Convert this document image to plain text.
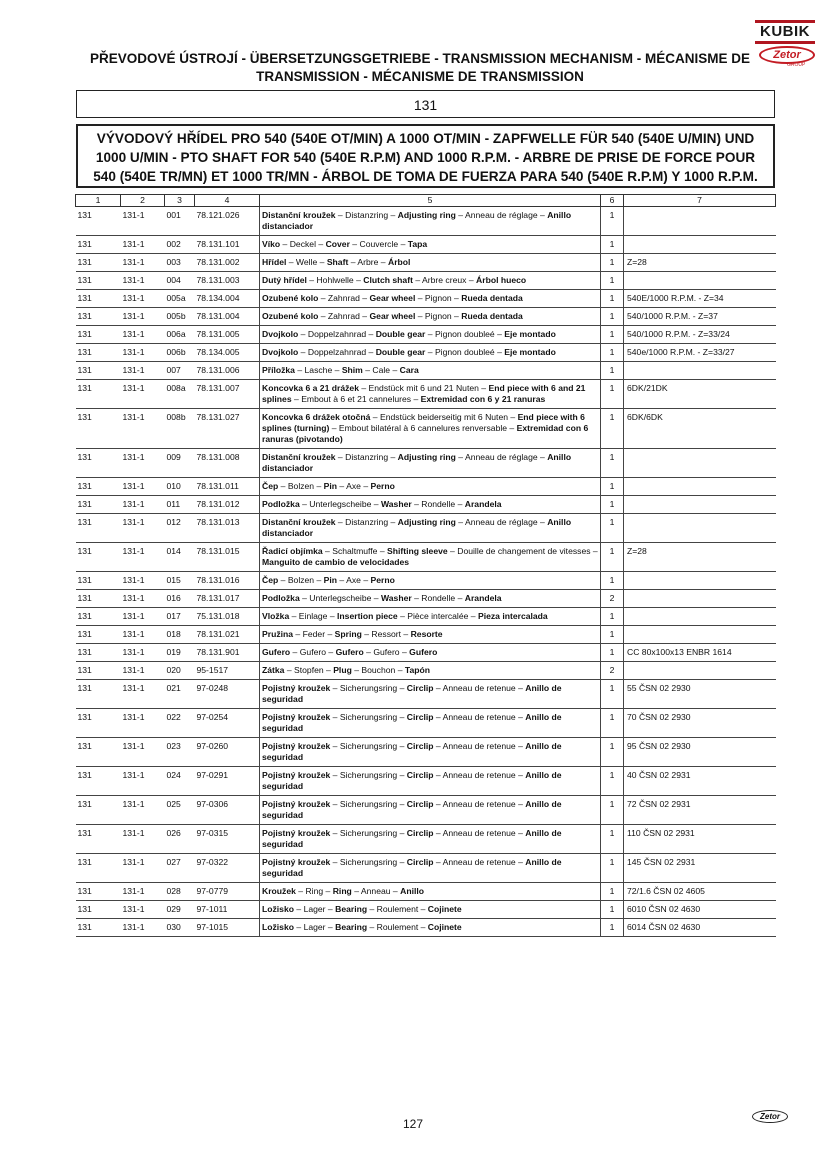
KUBIK
Zetor
GROUP
PŘEVODOVÉ ÚSTROJÍ - ÜBERSETZUNGSGETRIEBE - TRANSMISSION MECHANISM - MÉCANISME DE
TRANSMISSION - MÉCANISME DE TRANSMISSION
131
VÝVODOVÝ HŘÍDEL PRO 540 (540E OT/MIN) A 1000 OT/MIN - ZAPFWELLE FÜR 540 (540E U/MIN) UND 1000 U/MIN - PTO SHAFT FOR 540 (540E R.P.M) AND 1000 R.P.M. - ARBRE DE PRISE DE FORCE POUR 540 (540E TR/MN) ET 1000 TR/MN - ÁRBOL DE TOMA DE FUERZA PARA 540 (540E R.P.M) Y 1000 R.P.M.
1	2	3	4	5	6	7
131	131-1	001	78.121.026	Distanční kroužek – Distanzring – Adjusting ring – Anneau de réglage – Anillo distanciador	1	
131	131-1	002	78.131.101	Víko – Deckel – Cover – Couvercle – Tapa	1	
131	131-1	003	78.131.002	Hřídel – Welle – Shaft – Arbre – Árbol	1	Z=28
131	131-1	004	78.131.003	Dutý hřídel – Hohlwelle – Clutch shaft – Arbre creux – Árbol hueco	1	
131	131-1	005a	78.134.004	Ozubené kolo – Zahnrad – Gear wheel – Pignon – Rueda dentada	1	540E/1000 R.P.M. - Z=34
131	131-1	005b	78.131.004	Ozubené kolo – Zahnrad – Gear wheel – Pignon – Rueda dentada	1	540/1000 R.P.M. - Z=37
131	131-1	006a	78.131.005	Dvojkolo – Doppelzahnrad – Double gear – Pignon doubleé – Eje montado	1	540/1000 R.P.M. - Z=33/24
131	131-1	006b	78.134.005	Dvojkolo – Doppelzahnrad – Double gear – Pignon doubleé – Eje montado	1	540e/1000 R.P.M. - Z=33/27
131	131-1	007	78.131.006	Příložka – Lasche – Shim – Cale – Cara	1	
131	131-1	008a	78.131.007	Koncovka 6 a 21 drážek – Endstück mit 6 und 21 Nuten – End piece with 6 and 21 splines – Embout à 6 et 21 cannelures – Extremidad con 6 y 21 ranuras	1	6DK/21DK
131	131-1	008b	78.131.027	Koncovka 6 drážek otočná – Endstück beiderseitig mit 6 Nuten – End piece with 6 splines (turning) – Embout bilatéral à 6 cannelures renversable – Extremidad con 6 ranuras (pivotando)	1	6DK/6DK
131	131-1	009	78.131.008	Distanční kroužek – Distanzring – Adjusting ring – Anneau de réglage – Anillo distanciador	1	
131	131-1	010	78.131.011	Čep – Bolzen – Pin – Axe – Perno	1	
131	131-1	011	78.131.012	Podložka – Unterlegscheibe – Washer – Rondelle – Arandela	1	
131	131-1	012	78.131.013	Distanční kroužek – Distanzring – Adjusting ring – Anneau de réglage – Anillo distanciador	1	
131	131-1	014	78.131.015	Řadicí objímka – Schaltmuffe – Shifting sleeve – Douille de changement de vitesses – Manguito de cambio de velocidades	1	Z=28
131	131-1	015	78.131.016	Čep – Bolzen – Pin – Axe – Perno	1	
131	131-1	016	78.131.017	Podložka – Unterlegscheibe – Washer – Rondelle – Arandela	2	
131	131-1	017	75.131.018	Vložka – Einlage – Insertion piece – Pièce intercalée – Pieza intercalada	1	
131	131-1	018	78.131.021	Pružina – Feder – Spring – Ressort – Resorte	1	
131	131-1	019	78.131.901	Gufero – Gufero – Gufero – Gufero – Gufero	1	CC 80x100x13 ENBR 1614
131	131-1	020	95-1517	Zátka – Stopfen – Plug – Bouchon – Tapón	2	
131	131-1	021	97-0248	Pojistný kroužek – Sicherungsring – Circlip – Anneau de retenue – Anillo de seguridad	1	55 ČSN 02 2930
131	131-1	022	97-0254	Pojistný kroužek – Sicherungsring – Circlip – Anneau de retenue – Anillo de seguridad	1	70 ČSN 02 2930
131	131-1	023	97-0260	Pojistný kroužek – Sicherungsring – Circlip – Anneau de retenue – Anillo de seguridad	1	95 ČSN 02 2930
131	131-1	024	97-0291	Pojistný kroužek – Sicherungsring – Circlip – Anneau de retenue – Anillo de seguridad	1	40 ČSN 02 2931
131	131-1	025	97-0306	Pojistný kroužek – Sicherungsring – Circlip – Anneau de retenue – Anillo de seguridad	1	72 ČSN 02 2931
131	131-1	026	97-0315	Pojistný kroužek – Sicherungsring – Circlip – Anneau de retenue – Anillo de seguridad	1	110 ČSN 02 2931
131	131-1	027	97-0322	Pojistný kroužek – Sicherungsring – Circlip – Anneau de retenue – Anillo de seguridad	1	145 ČSN 02 2931
131	131-1	028	97-0779	Kroužek – Ring – Ring – Anneau – Anillo	1	72/1.6 ČSN 02 4605
131	131-1	029	97-1011	Ložisko – Lager – Bearing – Roulement – Cojinete	1	6010 ČSN 02 4630
131	131-1	030	97-1015	Ložisko – Lager – Bearing – Roulement – Cojinete	1	6014 ČSN 02 4630
127
Zetor
